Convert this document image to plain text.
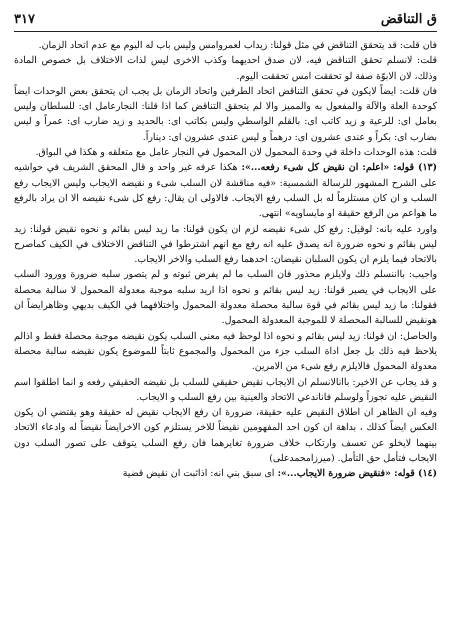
ق التناقض
٣١٧

فان قلت: قد يتحقق التناقض في مثل قولنا: زيداب لعمروامس وليس باب له اليوم مع عدم اتحاد الزمان.

قلت: لانسلم تحقق التناقض فيه، لان صدق احديهما وكذب الاخرى ليس لذات الاختلاف بل خصوص المادة وذلك، لان الابوّة صفة لو تحققت امس تحققت اليوم.

فان قلت: ايضاً لايكون في تحقق التناقض اتحاد الطرفين واتحاد الزمان بل يجب ان يتحقق بعض الوحدات ايضاً كوحدة العلة والآلة والمفعول به والمميز والا لم يتحقق التناقض كما اذا قلنا: النجارعامل اى: للسلطان وليس بعامل اى: للرعية و زيد كاتب اى: بالقلم الواسطي وليس بكاتب اى: بالحديد و زيد ضارب اى: عمراً و ليس بضارب اى: بكراً و عندى عشرون اى: درهماً و ليس عندى عشرون اى: ديناراً.

قلت: هذه الوحدات داخلة في وحدة المحمول لان المحمول في النجار عامل مع متعلقه و هكذا في البواق.

(١٣) قوله: «اعلم: ان نقيض كل شىء رفعه...»: هكذا عرفه غير واحد و قال المحقق الشريف في حواشيه على الشرح المشهور للرسالة الشمسية: «فيه مناقشة لان السلب شىء و نقيضه الايجاب وليس الايجاب رفع السلب و ان كان مستلزماً له بل السلب رفع الايجاب. فالاولى ان يقال: رفع كل شىء نقيضه الا ان يراد بالرفع ما هواعم من الرفع حقيقة او مايساويه» انتهى.

واورد عليه بانه: لوقيل: رفع كل شىء نقيضه لزم ان يكون قولنا: ما زيد ليس بقائم و نحوه نقيض قولنا: زيد ليس بقائم و نحوه ضرورة انه يصدق عليه انه رفع مع انهم اشترطوا في التناقض الاختلاف في الكيف كماصرح بالاتحاد فيما يلزم ان يكون السلبان نقيضان: احدهما رفع السلب والاخر الايجاب.

واجيب: بااننسلم ذلك ولايلزم محذور فان السلب ما لم يفرض ثبوته و لم يتصور سلبه ضرورة وورود السلب على الايجاب في يصير قولنا: زيد ليس بقائم و نحوه اذا اريد سلبه موجبة معدولة المحمول لا سالبة محصلة فقولنا: ما زيد ليس بقائم في قوة سالبة محصلة معدولة المحمول واختلافهما في الكيف بديهي وظاهرايضاً ان هونقيض للسالبة المحصلة لا للموجبة المعدولة المحمول.

والحاصل: ان قولنا: زيد ليس بقائم و نحوه اذا لوحظ فيه معنى السلب يكون نقيضه موجبة محصلة فقط و اذالم يلاحظ فيه ذلك بل جعل اداة السلب جزء من المحمول والمجموع ثابتاً للموضوع يكون نقيضه سالبة محصلة معدولة المحمول فالايلزم رفع شىء من الامرين.

و قد يجاب عن الاخير: باانالانسلم ان الايجاب نقيض حقيقي للسلب بل نقيضه الحقيقي رفعه و انما اطلقوا اسم النقيض عليه تجوزاً ولوسلم فاناندعي الاتحاد والعينية بين رفع السلب و الايجاب.

وفيه ان الظاهر ان اطلاق النقيض عليه حقيقة، ضرورة ان رفع الايجاب نقيض له حقيقة وهو يقتضي ان يكون العكس ايضاً كذلك ، بداهة ان كون احد المفهومين نقيضاً للاخر يستلزم كون الاخرايضاً نقيضاً له وادعاء الاتحاد بينهما لايخلو عن تعسف وارتكاب خلاف ضرورة تغايرهما فان رفع السلب يتوقف على تصور السلب دون الايجاب فتأمل حق التأمل. (ميرزامحمدعلى)

(١٤) قوله: «فنقيض ضرورة الايجاب...»: اى سبق بني انه: اذاثبت ان نقيض قضية
